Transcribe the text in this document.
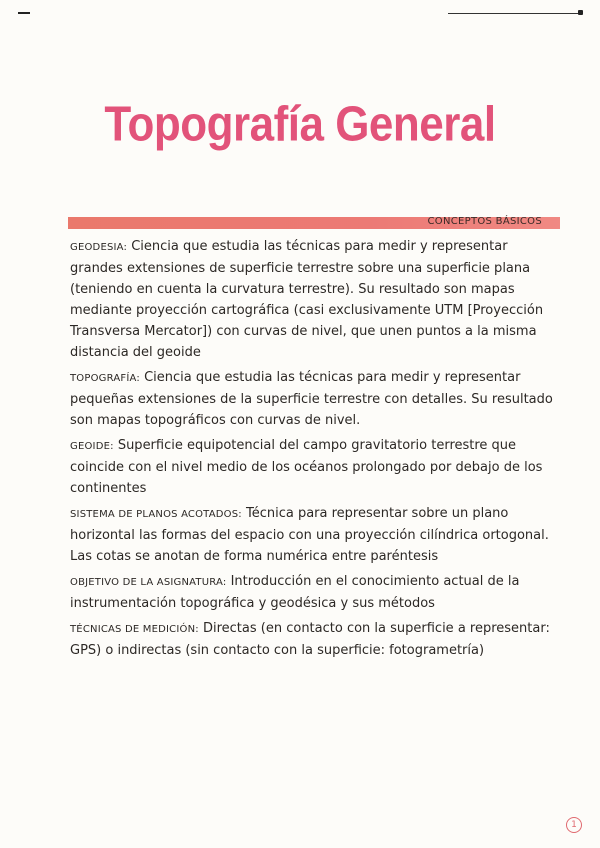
Topografía General
CONCEPTOS BÁSICOS

GEODESIA: Ciencia que estudia las técnicas para medir y representar grandes extensiones de superficie terrestre sobre una superficie plana (teniendo en cuenta la curvatura terrestre). Su resultado son mapas mediante proyección cartográfica (casi exclusivamente UTM [Proyección Transversa Mercator]) con curvas de nivel, que unen puntos a la misma distancia del geoide

TOPOGRAFÍA: Ciencia que estudia las técnicas para medir y representar pequeñas extensiones de la superficie terrestre con detalles. Su resultado son mapas topográficos con curvas de nivel.

GEOIDE: Superficie equipotencial del campo gravitatorio terrestre que coincide con el nivel medio de los océanos prolongado por debajo de los continentes

SISTEMA DE PLANOS ACOTADOS: Técnica para representar sobre un plano horizontal las formas del espacio con una proyección cilíndrica ortogonal. Las cotas se anotan de forma numérica entre paréntesis

OBJETIVO DE LA ASIGNATURA: Introducción en el conocimiento actual de la instrumentación topográfica y geodésica y sus métodos

TÉCNICAS DE MEDICIÓN: Directas (en contacto con la superficie a representar: GPS) o indirectas (sin contacto con la superficie: fotogrametría)

1
